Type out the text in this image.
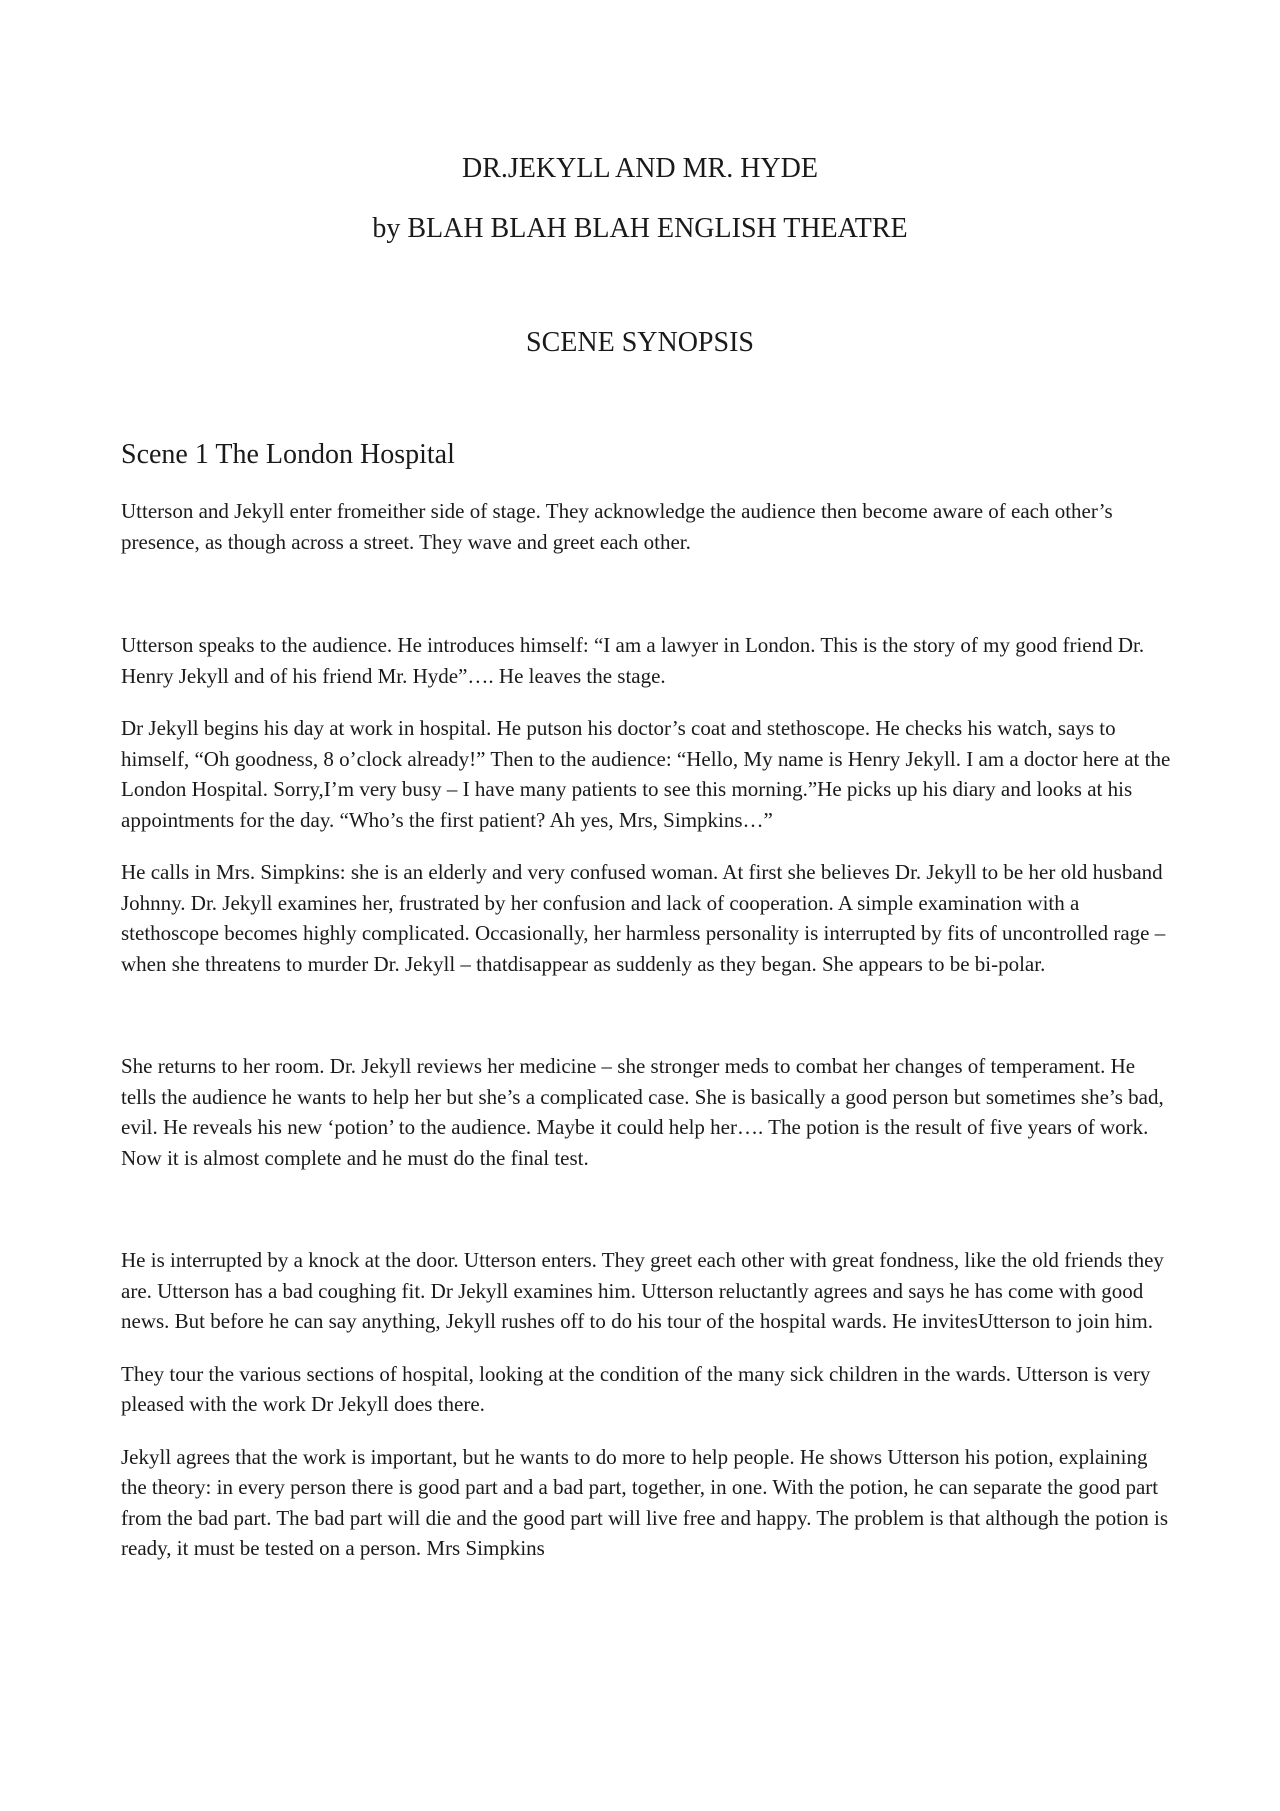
DR.JEKYLL AND MR. HYDE
by BLAH BLAH BLAH ENGLISH THEATRE
SCENE SYNOPSIS
Scene 1 The London Hospital

Utterson and Jekyll enter fromeither side of stage. They acknowledge the audience then become aware of each other’s presence, as though across a street. They wave and greet each other.

Utterson speaks to the audience. He introduces himself: “I am a lawyer in London. This is the story of my good friend Dr. Henry Jekyll and of his friend Mr. Hyde”…. He leaves the stage.

Dr Jekyll begins his day at work in hospital. He putson his doctor’s coat and stethoscope. He checks his watch, says to himself, “Oh goodness, 8 o’clock already!” Then to the audience: “Hello, My name is Henry Jekyll. I am a doctor here at the London Hospital. Sorry,I’m very busy – I have many patients to see this morning.”He picks up his diary and looks at his appointments for the day. “Who’s the first patient? Ah yes, Mrs, Simpkins…”

He calls in Mrs. Simpkins: she is an elderly and very confused woman. At first she believes Dr. Jekyll to be her old husband Johnny. Dr. Jekyll examines her, frustrated by her confusion and lack of cooperation. A simple examination with a stethoscope becomes highly complicated. Occasionally, her harmless personality is interrupted by fits of uncontrolled rage –when she threatens to murder Dr. Jekyll – thatdisappear as suddenly as they began. She appears to be bi-polar.

She returns to her room. Dr. Jekyll reviews her medicine – she stronger meds to combat her changes of temperament. He tells the audience he wants to help her but she’s a complicated case. She is basically a good person but sometimes she’s bad, evil. He reveals his new ‘potion’ to the audience. Maybe it could help her…. The potion is the result of five years of work. Now it is almost complete and he must do the final test.

He is interrupted by a knock at the door. Utterson enters. They greet each other with great fondness, like the old friends they are. Utterson has a bad coughing fit. Dr Jekyll examines him. Utterson reluctantly agrees and says he has come with good news. But before he can say anything, Jekyll rushes off to do his tour of the hospital wards. He invitesUtterson to join him.

They tour the various sections of hospital, looking at the condition of the many sick children in the wards. Utterson is very pleased with the work Dr Jekyll does there.

Jekyll agrees that the work is important, but he wants to do more to help people. He shows Utterson his potion, explaining the theory: in every person there is good part and a bad part, together, in one. With the potion, he can separate the good part from the bad part. The bad part will die and the good part will live free and happy. The problem is that although the potion is ready, it must be tested on a person. Mrs Simpkins
